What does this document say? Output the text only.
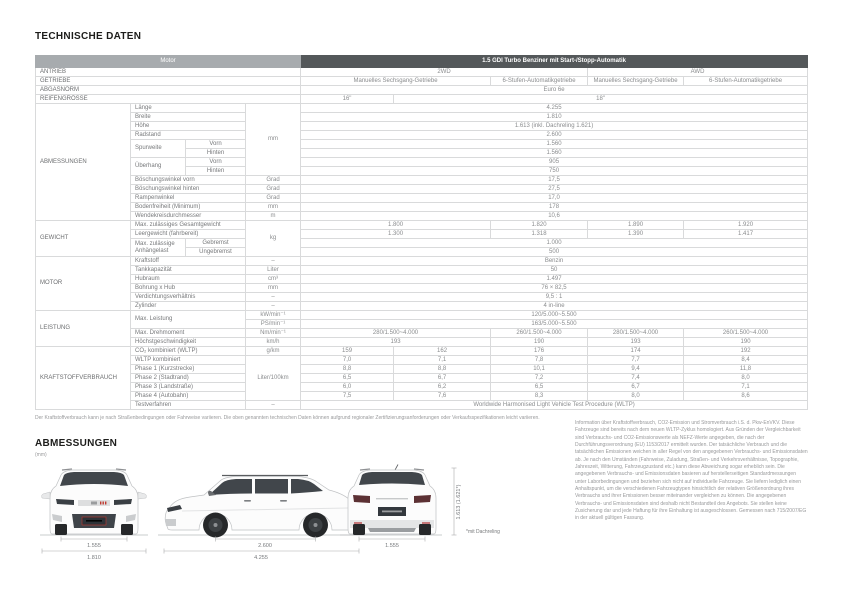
TECHNISCHE DATEN
Motor				1.5 GDI Turbo Benziner mit Start-/Stopp-Automatik				
ANTRIEB				2WD			AWD	
GETRIEBE				Manuelles Sechsgang-Getriebe		6-Stufen-Automatikgetriebe	Manuelles Sechsgang-Getriebe	6-Stufen-Automatikgetriebe
ABGASNORM				Euro 6e				
REIFENGRÖSSE				16"	18"			
ABMESSUNGEN	Länge		mm	4.255				
	Breite			1.810				
	Höhe			1.613 (inkl. Dachreling 1.621)				
	Radstand			2.600				
	Spurweite	Vorn		1.560				
		Hinten		1.560				
	Überhang	Vorn		905				
		Hinten		750				
	Böschungswinkel vorn		Grad	17,5				
	Böschungswinkel hinten		Grad	27,5				
	Rampenwinkel		Grad	17,0				
	Bodenfreiheit (Minimum)		mm	178				
	Wendekreisdurchmesser		m	10,6				
GEWICHT	Max. zulässiges Gesamtgewicht		kg	1.800		1.820	1.890	1.920
	Leergewicht (fahrbereit)			1.300		1.318	1.390	1.417
	Max. zulässige Anhängelast	Gebremst		1.000				
		Ungebremst		500				
MOTOR	Kraftstoff		–	Benzin				
	Tankkapazität		Liter	50				
	Hubraum		cm³	1.497				
	Bohrung x Hub		mm	76 × 82,5				
	Verdichtungsverhältnis		–	9,5 : 1				
	Zylinder		–	4 in-line				
LEISTUNG	Max. Leistung		kW/min⁻¹	120/5.000~5.500				
			PS/min⁻¹	163/5.000~5.500				
	Max. Drehmoment		Nm/min⁻¹	280/1.500~4.000		260/1.500~4.000	280/1.500~4.000	260/1.500~4.000
	Höchstgeschwindigkeit		km/h	193		190	193	190
KRAFTSTOFFVERBRAUCH	CO₂ kombiniert (WLTP)		g/km	159	162	176	174	192
	WLTP kombiniert		Liter/100km	7,0	7,1	7,8	7,7	8,4
	Phase 1 (Kurzstrecke)			8,8	8,8	10,1	9,4	11,8
	Phase 2 (Stadtrand)			6,5	6,7	7,2	7,4	8,0
	Phase 3 (Landstraße)			6,0	6,2	6,5	6,7	7,1
	Phase 4 (Autobahn)			7,5	7,6	8,3	8,0	8,6
	Testverfahren		–	Worldwide Harmonised Light Vehicle Test Procedure (WLTP)				
Der Kraftstoffverbrauch kann je nach Straßenbedingungen oder Fahrweise variieren. Die oben genannten technischen Daten können aufgrund regionaler Zertifizierungsanforderungen oder Verkaufsspezifikationen leicht variieren.
Information über Kraftstoffverbrauch, CO2-Emission und Stromverbrauch i.S. d. Pkw-EnVKV. Diese Fahrzeuge sind bereits nach dem neuen WLTP-Zyklus homologiert. Aus Gründen der Vergleichbarkeit sind Verbrauchs- und CO2-Emissionswerte als NEFZ-Werte angegeben, die nach der Durchführungsverordnung (EU) 1153/2017 ermittelt wurden. Der tatsächliche Verbrauch und die tatsächlichen Emissionen weichen in aller Regel von den angegebenen Verbrauchs- und Emissionsdaten ab. Je nach den Umständen (Fahrweise, Zuladung, Straßen- und Verkehrsverhältnisse, Topographie, Jahreszeit, Witterung, Fahrzeugzustand etc.) kann diese Abweichung sogar erheblich sein. Die angegebenen Verbrauchs- und Emissionsdaten basieren auf herstellerseitigen Standardmessungen unter Laborbedingungen und beziehen sich nicht auf individuelle Fahrzeuge. Sie liefern lediglich einen Anhaltspunkt, um die verschiedenen Fahrzeugtypen hinsichtlich der relativen Größenordnung ihres Verbrauchs und ihrer Emissionen besser miteinander vergleichen zu können. Die angegebenen Verbrauchs- und Emissionsdaten sind deshalb nicht Bestandteil des Angebots. Sie stellen keine Zusicherung dar und jede Haftung für ihre Einhaltung ist ausgeschlossen. Gemessen nach 715/2007/EG in der aktuell gültigen Fassung.
ABMESSUNGEN
(mm)
1.555
1.810
2.600
4.255
1.555
1.613 (1.621*)
*mit Dachreling
